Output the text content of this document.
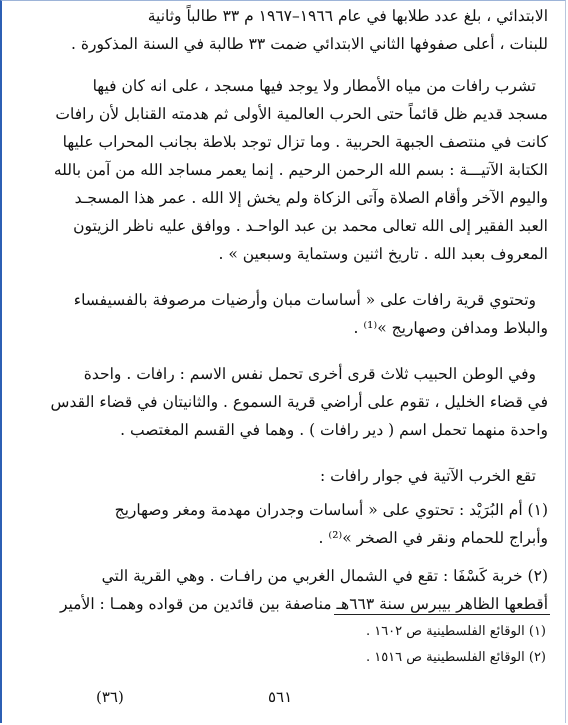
الابتدائي ، بلغ عدد طلابها في عام ١٩٦٦–١٩٦٧ م ٣٣ طالباً وثانية
للبنات ، أعلى صفوفها الثاني الابتدائي ضمت ٣٣ طالبة في السنة المذكورة .
تشرب رافات من مياه الأمطار ولا يوجد فيها مسجد ، على انه كان فيها
مسجد قديم ظل قائماً حتى الحرب العالمية الأولى ثم هدمته القنابل لأن رافات
كانت في منتصف الجبهة الحربية . وما تزال توجد بلاطة بجانب المحراب عليها
الكتابة الآتيـــة : بسم الله الرحمن الرحيم . إنما يعمر مساجد الله من آمن بالله
واليوم الآخر وأقام الصلاة وآتى الزكاة ولم يخش إلا الله . عمر هذا المسجـد
العبد الفقير إلى الله تعالى محمد بن عبد الواحـد . ووافق عليه ناظر الزيتون
المعروف بعبد الله . تاريخ اثنين وستماية وسبعين » .
وتحتوي قرية رافات على « أساسات مبان وأرضيات مرصوفة بالفسيفساء
والبلاط ومدافن وصهاريج »⁽¹⁾ .
وفي الوطن الحبيب ثلاث قرى أخرى تحمل نفس الاسم : رافات . واحدة
في قضاء الخليل ، تقوم على أراضي قرية السموع . والثانيتان في قضاء القدس
واحدة منهما تحمل اسم ( دير رافات ) . وهما في القسم المغتصب .
تقع الخرب الآتية في جوار رافات :
(١) أم البُرَيْد : تحتوي على « أساسات وجدران مهدمة ومغر وصهاريج
وأبراج للحمام ونقر في الصخر »⁽²⁾ .
(٢) خربة كَسْفَا : تقع في الشمال الغربي من رافـات . وهي القرية التي
أقطعها الظاهر بيبرس سنة ٦٦٣هـ مناصفة بين قائدين من قواده وهمـا : الأمير
(١) الوقائع الفلسطينية ص ١٦٠٢ .
(٢) الوقائع الفلسطينية ص ١٥١٦ .
٥٦١
(٣٦)
